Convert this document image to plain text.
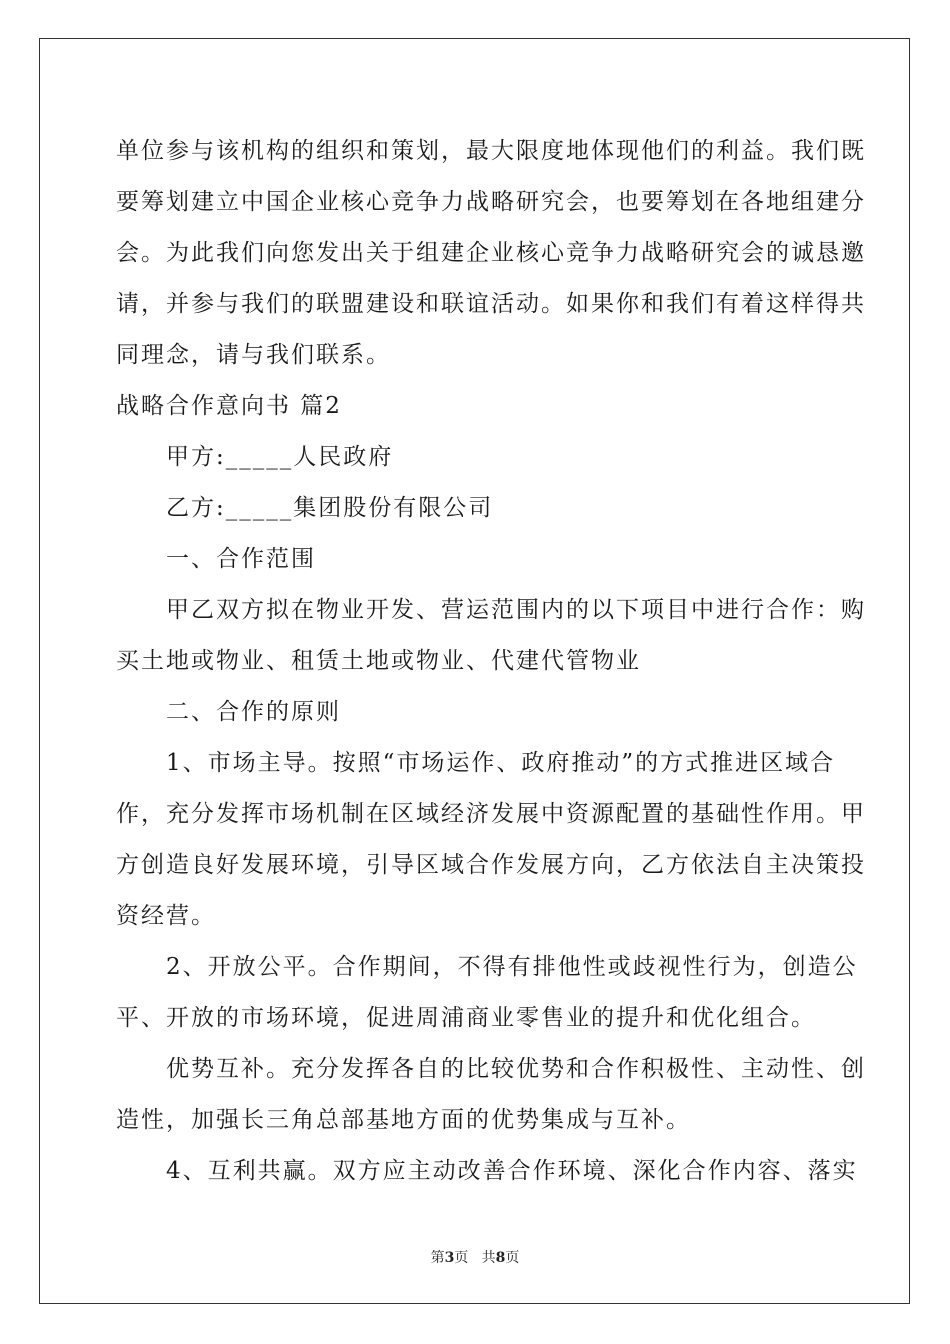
单位参与该机构的组织和策划，最大限度地体现他们的利益。我们既
要筹划建立中国企业核心竞争力战略研究会，也要筹划在各地组建分
会。为此我们向您发出关于组建企业核心竞争力战略研究会的诚恳邀
请，并参与我们的联盟建设和联谊活动。如果你和我们有着这样得共
同理念，请与我们联系。
战略合作意向书 篇2
甲方:_____人民政府
乙方:_____集团股份有限公司
一、合作范围
甲乙双方拟在物业开发、营运范围内的以下项目中进行合作：购
买土地或物业、租赁土地或物业、代建代管物业
二、合作的原则
1、市场主导。按照“市场运作、政府推动”的方式推进区域合
作，充分发挥市场机制在区域经济发展中资源配置的基础性作用。甲
方创造良好发展环境，引导区域合作发展方向，乙方依法自主决策投
资经营。
2、开放公平。合作期间，不得有排他性或歧视性行为，创造公
平、开放的市场环境，促进周浦商业零售业的提升和优化组合。
优势互补。充分发挥各自的比较优势和合作积极性、主动性、创
造性，加强长三角总部基地方面的优势集成与互补。
4、互利共赢。双方应主动改善合作环境、深化合作内容、落实
第3页   共8页
